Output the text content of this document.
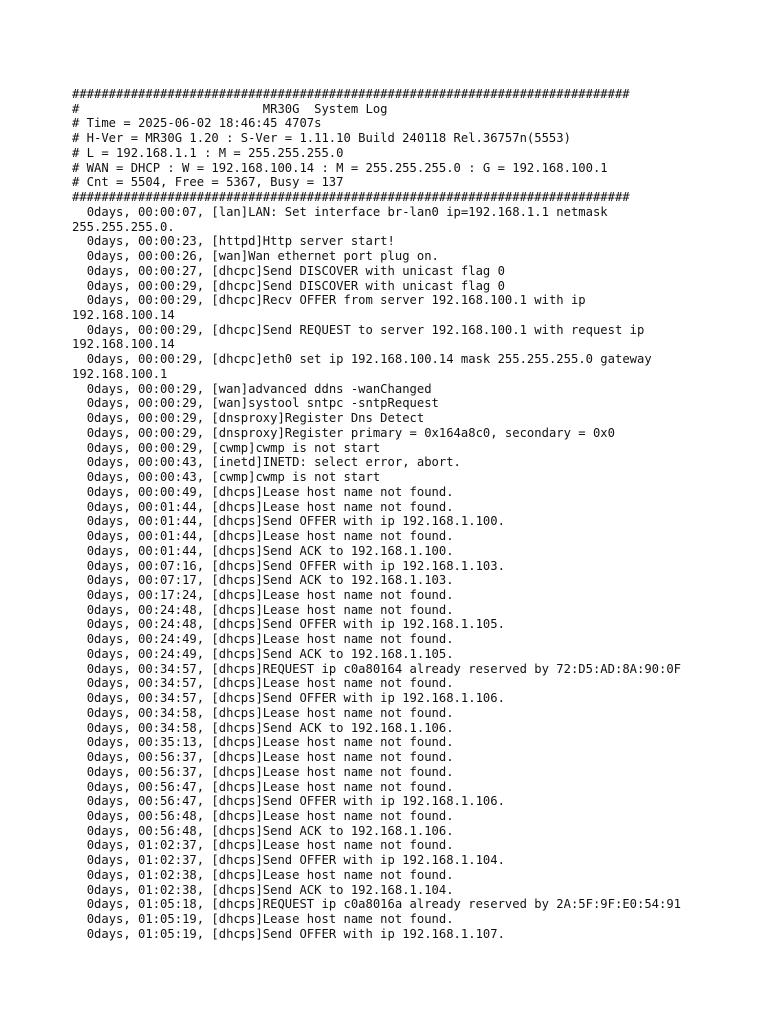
############################################################################
#                         MR30G  System Log
# Time = 2025-06-02 18:46:45 4707s
# H-Ver = MR30G 1.20 : S-Ver = 1.11.10 Build 240118 Rel.36757n(5553)
# L = 192.168.1.1 : M = 255.255.255.0
# WAN = DHCP : W = 192.168.100.14 : M = 255.255.255.0 : G = 192.168.100.1
# Cnt = 5504, Free = 5367, Busy = 137
############################################################################
0days, 00:00:07, [lan]LAN: Set interface br-lan0 ip=192.168.1.1 netmask
255.255.255.0.
0days, 00:00:23, [httpd]Http server start!
0days, 00:00:26, [wan]Wan ethernet port plug on.
0days, 00:00:27, [dhcpc]Send DISCOVER with unicast flag 0
0days, 00:00:29, [dhcpc]Send DISCOVER with unicast flag 0
0days, 00:00:29, [dhcpc]Recv OFFER from server 192.168.100.1 with ip
192.168.100.14
0days, 00:00:29, [dhcpc]Send REQUEST to server 192.168.100.1 with request ip
192.168.100.14
0days, 00:00:29, [dhcpc]eth0 set ip 192.168.100.14 mask 255.255.255.0 gateway
192.168.100.1
0days, 00:00:29, [wan]advanced ddns -wanChanged
0days, 00:00:29, [wan]systool sntpc -sntpRequest
0days, 00:00:29, [dnsproxy]Register Dns Detect
0days, 00:00:29, [dnsproxy]Register primary = 0x164a8c0, secondary = 0x0
0days, 00:00:29, [cwmp]cwmp is not start
0days, 00:00:43, [inetd]INETD: select error, abort.
0days, 00:00:43, [cwmp]cwmp is not start
0days, 00:00:49, [dhcps]Lease host name not found.
0days, 00:01:44, [dhcps]Lease host name not found.
0days, 00:01:44, [dhcps]Send OFFER with ip 192.168.1.100.
0days, 00:01:44, [dhcps]Lease host name not found.
0days, 00:01:44, [dhcps]Send ACK to 192.168.1.100.
0days, 00:07:16, [dhcps]Send OFFER with ip 192.168.1.103.
0days, 00:07:17, [dhcps]Send ACK to 192.168.1.103.
0days, 00:17:24, [dhcps]Lease host name not found.
0days, 00:24:48, [dhcps]Lease host name not found.
0days, 00:24:48, [dhcps]Send OFFER with ip 192.168.1.105.
0days, 00:24:49, [dhcps]Lease host name not found.
0days, 00:24:49, [dhcps]Send ACK to 192.168.1.105.
0days, 00:34:57, [dhcps]REQUEST ip c0a80164 already reserved by 72:D5:AD:8A:90:0F
0days, 00:34:57, [dhcps]Lease host name not found.
0days, 00:34:57, [dhcps]Send OFFER with ip 192.168.1.106.
0days, 00:34:58, [dhcps]Lease host name not found.
0days, 00:34:58, [dhcps]Send ACK to 192.168.1.106.
0days, 00:35:13, [dhcps]Lease host name not found.
0days, 00:56:37, [dhcps]Lease host name not found.
0days, 00:56:37, [dhcps]Lease host name not found.
0days, 00:56:47, [dhcps]Lease host name not found.
0days, 00:56:47, [dhcps]Send OFFER with ip 192.168.1.106.
0days, 00:56:48, [dhcps]Lease host name not found.
0days, 00:56:48, [dhcps]Send ACK to 192.168.1.106.
0days, 01:02:37, [dhcps]Lease host name not found.
0days, 01:02:37, [dhcps]Send OFFER with ip 192.168.1.104.
0days, 01:02:38, [dhcps]Lease host name not found.
0days, 01:02:38, [dhcps]Send ACK to 192.168.1.104.
0days, 01:05:18, [dhcps]REQUEST ip c0a8016a already reserved by 2A:5F:9F:E0:54:91
0days, 01:05:19, [dhcps]Lease host name not found.
0days, 01:05:19, [dhcps]Send OFFER with ip 192.168.1.107.
